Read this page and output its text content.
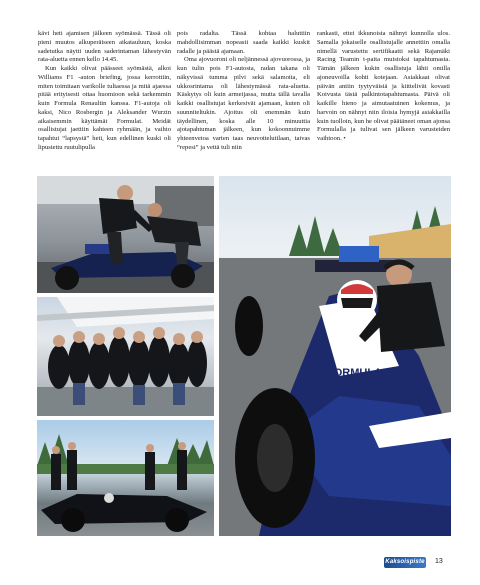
kävi heti ajamisen jälkeen syömässä. Tässä oli pieni muutos alkuperäiseen aikatauluun, koska sadetutka näytti uuden saderintaman lähestyvän rata-aluetta ennen kello 14.45.

Kun kaikki olivat päässeet syömästä, alkoi Williams F1 -auton briefing, jossa kerrottiin, miten toimitaan varikolle tultaessa ja mitä ajaessa pitää erityisesti ottaa huomioon sekä tarkemmin kuin Formula Renaultin kanssa. F1-autoja oli kaksi, Nico Rosbergin ja Aleksander Wurzin aikaisemmin käyttämät Formulat. Meidät osallistujat jaettiin kahteen ryhmään, ja vaihto tapahtui “lapsystä” heti, kun edellinen kuski oli lipustettu ruutulipulla

pois radalta. Tässä kohtaa haluttiin mahdollisimman nopeasti saada kaikki kuskit radalle ja päästä ajamaan.

Oma ajovuoroni oli neljännessä ajovuorossa, ja kun tulin pois F1-autosta, radan takana oli näkyvissä tumma pilvi sekä salamoita, eli ukkosrintama oli lähestymässä rata-aluetta. Käskytys oli kuin armeijassa, mutta tällä tavalla kaikki osallistujat kerkesivät ajamaan, kuten oli suunniteltukin. Ajoitus oli enemmän kuin täydellinen, koska alle 10 minuuttia ajotapahtuman jälkeen, kun kokoonnuimme yhteenvetoa varten taas neuvottelutilaan, taivas “repesi” ja vettä tuli niin

rankasti, ettei ikkunoista nähnyt kunnolla ulos. Samalla jokaiselle osallistujalle annettiin omalla nimellä varustettu sertifikaatti sekä Rajamäki Racing Teamin t-paita muistoksi tapahtumasta. Tämän jälkeen kukin osallistuja lähti omilla ajoneuvoilla kohti kotejaan. Asiakkaat olivat päivän antiin tyytyväisiä ja kiittelivät kovasti Koivusta tästä palkintotapahtumasta. Päivä oli kaikille hieno ja aimutaatuinen kokemus, ja harvoin on nähnyt niin iloisia hymyjä asiakkailla kuin tuolloin, kun he olivat päätäneet oman ajonsa Formulalla ja tulivat sen jälkeen varusteiden vaihtoon. •

FORMULA
Kaksoispiste 13
